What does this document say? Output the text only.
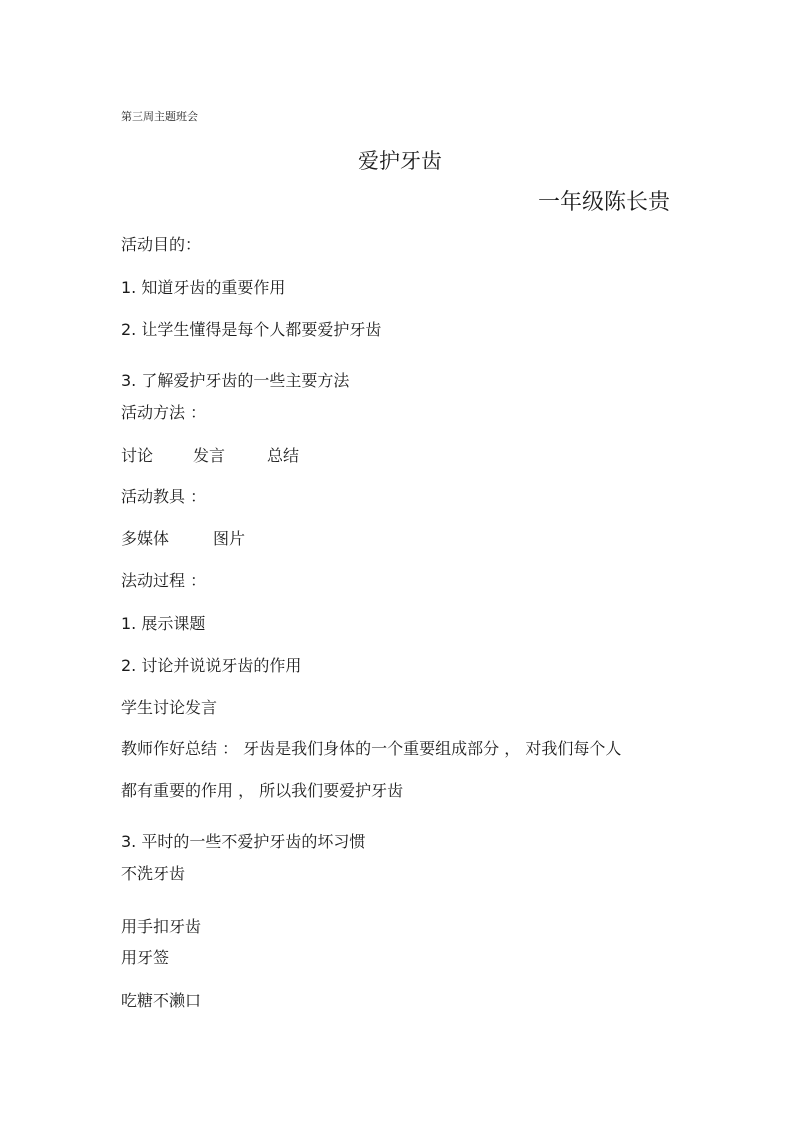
第三周主题班会
爱护牙齿
一年级陈长贵
活动目的：
1. 知道牙齿的重要作用
2. 让学生懂得是每个人都要爱护牙齿
3. 了解爱护牙齿的一些主要方法
活动方法 ：
讨论	发言	总结
活动教具 ：
多媒体	图片
法动过程 ：
1. 展示课题
2. 讨论并说说牙齿的作用
学生讨论发言
教师作好总结 ： 牙齿是我们身体的一个重要组成部分 ， 对我们每个人
都有重要的作用 ， 所以我们要爱护牙齿
3. 平时的一些不爱护牙齿的坏习惯
不洗牙齿
用手扣牙齿
用牙签
吃糖不濑口
